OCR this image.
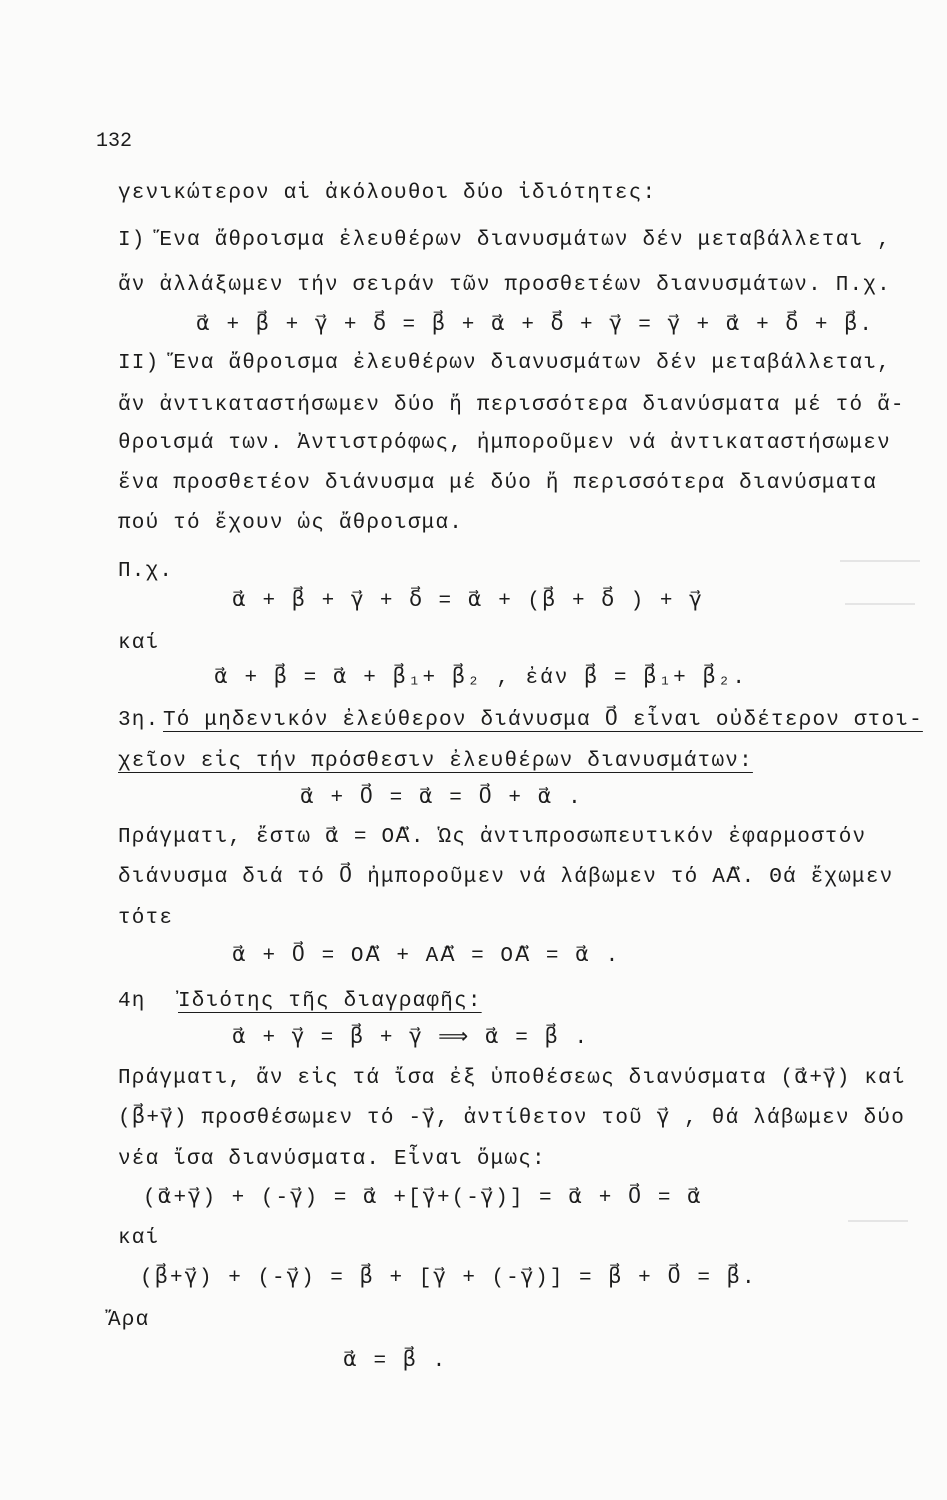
132
γενικώτερον αἱ ἀκόλουθοι δύο ἰδιότητες:
I) Ἕνα ἄθροισμα ἐλευθέρων διανυσμάτων δέν μεταβάλλεται ,
ἄν ἀλλάξωμεν τήν σειράν τῶν προσθετέων διανυσμάτων. Π.χ.
α⃗ + β⃗ + γ⃗ + δ⃗ = β⃗ + α⃗ + δ⃗ + γ⃗ = γ⃗ + α⃗ + δ⃗ + β⃗.
II) Ἕνα ἄθροισμα ἐλευθέρων διανυσμάτων δέν μεταβάλλεται,
ἄν ἀντικαταστήσωμεν δύο ἤ περισσότερα διανύσματα μέ τό ἄ-
θροισμά των. Ἀντιστρόφως, ἠμποροῦμεν νά ἀντικαταστήσωμεν
ἕνα προσθετέον διάνυσμα μέ δύο ἤ περισσότερα διανύσματα
πού τό ἔχουν ὡς ἄθροισμα.
Π.χ.
α⃗ + β⃗ + γ⃗ + δ⃗ = α⃗ + (β⃗ + δ⃗ ) + γ⃗
καί
α⃗ + β⃗ = α⃗ + β⃗₁+ β⃗₂ , ἐάν β⃗ = β⃗₁+ β⃗₂.
3η. Τό μηδενικόν ἐλεύθερον διάνυσμα 0⃗ εἶναι οὐδέτερον στοι-
χεῖον εἰς τήν πρόσθεσιν ἐλευθέρων διανυσμάτων:
α⃗ + 0⃗ = α⃗ = 0⃗ + α⃗ .
Πράγματι, ἔστω α⃗ = ΟΑ⃗. Ὡς ἀντιπροσωπευτικόν ἐφαρμοστόν
διάνυσμα διά τό 0⃗ ἠμποροῦμεν νά λάβωμεν τό ΑΑ⃗. Θά ἔχωμεν
τότε
α⃗ + 0⃗ = ΟΑ⃗ + ΑΑ⃗ = ΟΑ⃗ = α⃗ .
4η Ἰδιότης τῆς διαγραφῆς:
α⃗ + γ⃗ = β⃗ + γ⃗ ⟹ α⃗ = β⃗ .
Πράγματι, ἄν εἰς τά ἴσα ἐξ ὑποθέσεως διανύσματα (α⃗+γ⃗) καί
(β⃗+γ⃗) προσθέσωμεν τό -γ⃗, ἀντίθετον τοῦ γ⃗ , θά λάβωμεν δύο
νέα ἴσα διανύσματα. Εἶναι ὅμως:
(α⃗+γ⃗) + (-γ⃗) = α⃗ +[γ⃗+(-γ⃗)] = α⃗ + 0⃗ = α⃗
καί
(β⃗+γ⃗) + (-γ⃗) = β⃗ + [γ⃗ + (-γ⃗)] = β⃗ + 0⃗ = β⃗.
Ἄρα
α⃗ = β⃗ .
